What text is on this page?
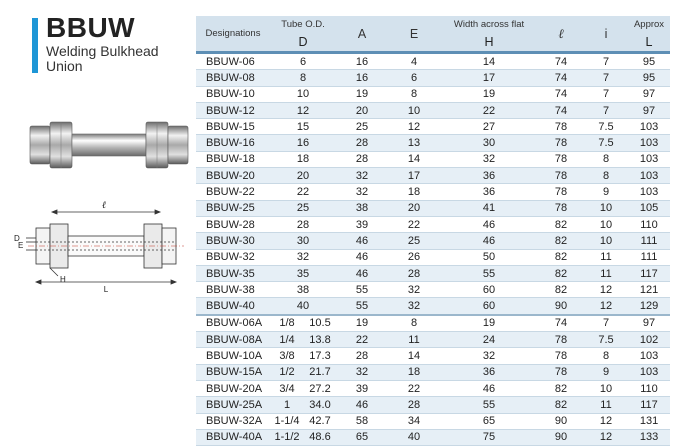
BBUW
Welding Bulkhead Union
ℓ
D
E
H
L
Designations	Tube O.D.		A	E	Width across flat	ℓ	i	Approx
	D				H			L

BBUW-06	6		16	4	14	74	7	95
BBUW-08	8		16	6	17	74	7	95
BBUW-10	10		19	8	19	74	7	97
BBUW-12	12		20	10	22	74	7	97
BBUW-15	15		25	12	27	78	7.5	103
BBUW-16	16		28	13	30	78	7.5	103
BBUW-18	18		28	14	32	78	8	103
BBUW-20	20		32	17	36	78	8	103
BBUW-22	22		32	18	36	78	9	103
BBUW-25	25		38	20	41	78	10	105
BBUW-28	28		39	22	46	82	10	110
BBUW-30	30		46	25	46	82	10	111
BBUW-32	32		46	26	50	82	11	111
BBUW-35	35		46	28	55	82	11	117
BBUW-38	38		55	32	60	82	12	121
BBUW-40	40		55	32	60	90	12	129
BBUW-06A	1/8	10.5	19	8	19	74	7	97
BBUW-08A	1/4	13.8	22	11	24	78	7.5	102
BBUW-10A	3/8	17.3	28	14	32	78	8	103
BBUW-15A	1/2	21.7	32	18	36	78	9	103
BBUW-20A	3/4	27.2	39	22	46	82	10	110
BBUW-25A	1	34.0	46	28	55	82	11	117
BBUW-32A	1-1/4	42.7	58	34	65	90	12	131
BBUW-40A	1-1/2	48.6	65	40	75	90	12	133
